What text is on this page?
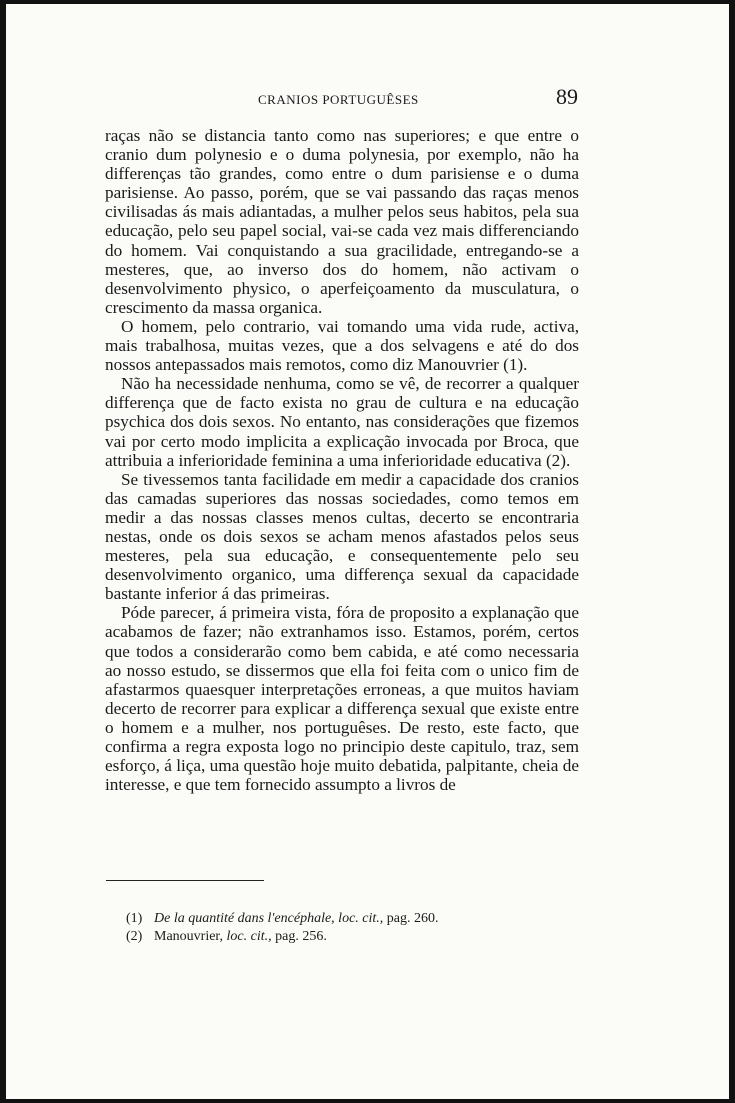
CRANIOS PORTUGUÊSES	89

raças não se distancia tanto como nas superiores; e que entre o cranio dum polynesio e o duma polynesia, por exemplo, não ha differenças tão grandes, como entre o dum parisiense e o duma parisiense. Ao passo, porém, que se vai passando das raças menos civilisadas ás mais adiantadas, a mulher pelos seus habitos, pela sua educação, pelo seu papel social, vai-se cada vez mais differenciando do homem. Vai conquistando a sua gracilidade, entregando-se a mesteres, que, ao inverso dos do homem, não activam o desenvolvimento physico, o aperfeiçoamento da musculatura, o crescimento da massa organica.

O homem, pelo contrario, vai tomando uma vida rude, activa, mais trabalhosa, muitas vezes, que a dos selvagens e até do dos nossos antepassados mais remotos, como diz Manouvrier (1).

Não ha necessidade nenhuma, como se vê, de recorrer a qualquer differença que de facto exista no grau de cultura e na educação psychica dos dois sexos. No entanto, nas considerações que fizemos vai por certo modo implicita a explicação invocada por Broca, que attribuia a inferioridade feminina a uma inferioridade educativa (2).

Se tivessemos tanta facilidade em medir a capacidade dos cranios das camadas superiores das nossas sociedades, como temos em medir a das nossas classes menos cultas, decerto se encontraria nestas, onde os dois sexos se acham menos afastados pelos seus mesteres, pela sua educação, e consequentemente pelo seu desenvolvimento organico, uma differença sexual da capacidade bastante inferior á das primeiras.

Póde parecer, á primeira vista, fóra de proposito a explanação que acabamos de fazer; não extranhamos isso. Estamos, porém, certos que todos a considerarão como bem cabida, e até como necessaria ao nosso estudo, se dissermos que ella foi feita com o unico fim de afastarmos quaesquer interpretações erroneas, a que muitos haviam decerto de recorrer para explicar a differença sexual que existe entre o homem e a mulher, nos portuguêses. De resto, este facto, que confirma a regra exposta logo no principio deste capitulo, traz, sem esforço, á liça, uma questão hoje muito debatida, palpitante, cheia de interesse, e que tem fornecido assumpto a livros de

(1) De la quantité dans l'encéphale, loc. cit., pag. 260.
(2) Manouvrier, loc. cit., pag. 256.
